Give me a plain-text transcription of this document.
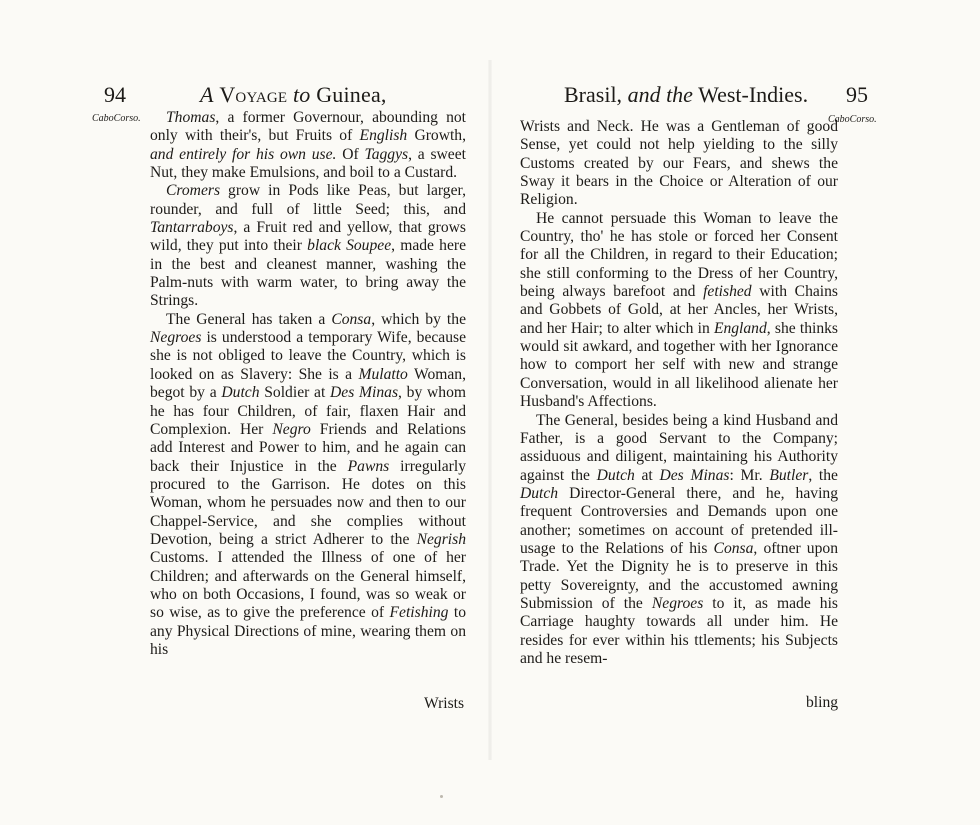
94	A Voyage to Guinea,
CaboCorso.	Thomas, a former Governour, abounding not only with their's, but Fruits of English Growth, and entirely for his own use. Of Taggys, a sweet Nut, they make Emulsions, and boil to a Custard.

Cromers grow in Pods like Peas, but larger, rounder, and full of little Seed; this, and Tantarraboys, a Fruit red and yellow, that grows wild, they put into their black Soupee, made here in the best and cleanest manner, washing the Palm-nuts with warm water, to bring away the Strings.

The General has taken a Consa, which by the Negroes is understood a temporary Wife, because she is not obliged to leave the Country, which is looked on as Slavery: She is a Mulatto Woman, begot by a Dutch Soldier at Des Minas, by whom he has four Children, of fair, flaxen Hair and Complexion. Her Negro Friends and Relations add Interest and Power to him, and he again can back their Injustice in the Pawns irregularly procured to the Garrison. He dotes on this Woman, whom he persuades now and then to our Chappel-Service, and she complies without Devotion, being a strict Adherer to the Negrish Customs. I attended the Illness of one of her Children; and afterwards on the General himself, who on both Occasions, I found, was so weak or so wise, as to give the preference of Fetishing to any Physical Directions of mine, wearing them on his

Wrists
Brasil, and the West-Indies. 95
CaboCorso.

Wrists and Neck. He was a Gentleman of good Sense, yet could not help yielding to the silly Customs created by our Fears, and shews the Sway it bears in the Choice or Alteration of our Religion.

He cannot persuade this Woman to leave the Country, tho' he has stole or forced her Consent for all the Children, in regard to their Education; she still conforming to the Dress of her Country, being always barefoot and fetished with Chains and Gobbets of Gold, at her Ancles, her Wrists, and her Hair; to alter which in England, she thinks would sit awkard, and together with her Ignorance how to comport her self with new and strange Conversation, would in all likelihood alienate her Husband's Affections.

The General, besides being a kind Husband and Father, is a good Servant to the Company; assiduous and diligent, maintaining his Authority against the Dutch at Des Minas: Mr. Butler, the Dutch Director-General there, and he, having frequent Controversies and Demands upon one another; sometimes on account of pretended ill-usage to the Relations of his Consa, oftner upon Trade. Yet the Dignity he is to preserve in this petty Sovereignty, and the accustomed awning Submission of the Negroes to it, as made his Carriage haughty towards all under him. He resides for ever within his ttlements; his Subjects and he resem-

bling
